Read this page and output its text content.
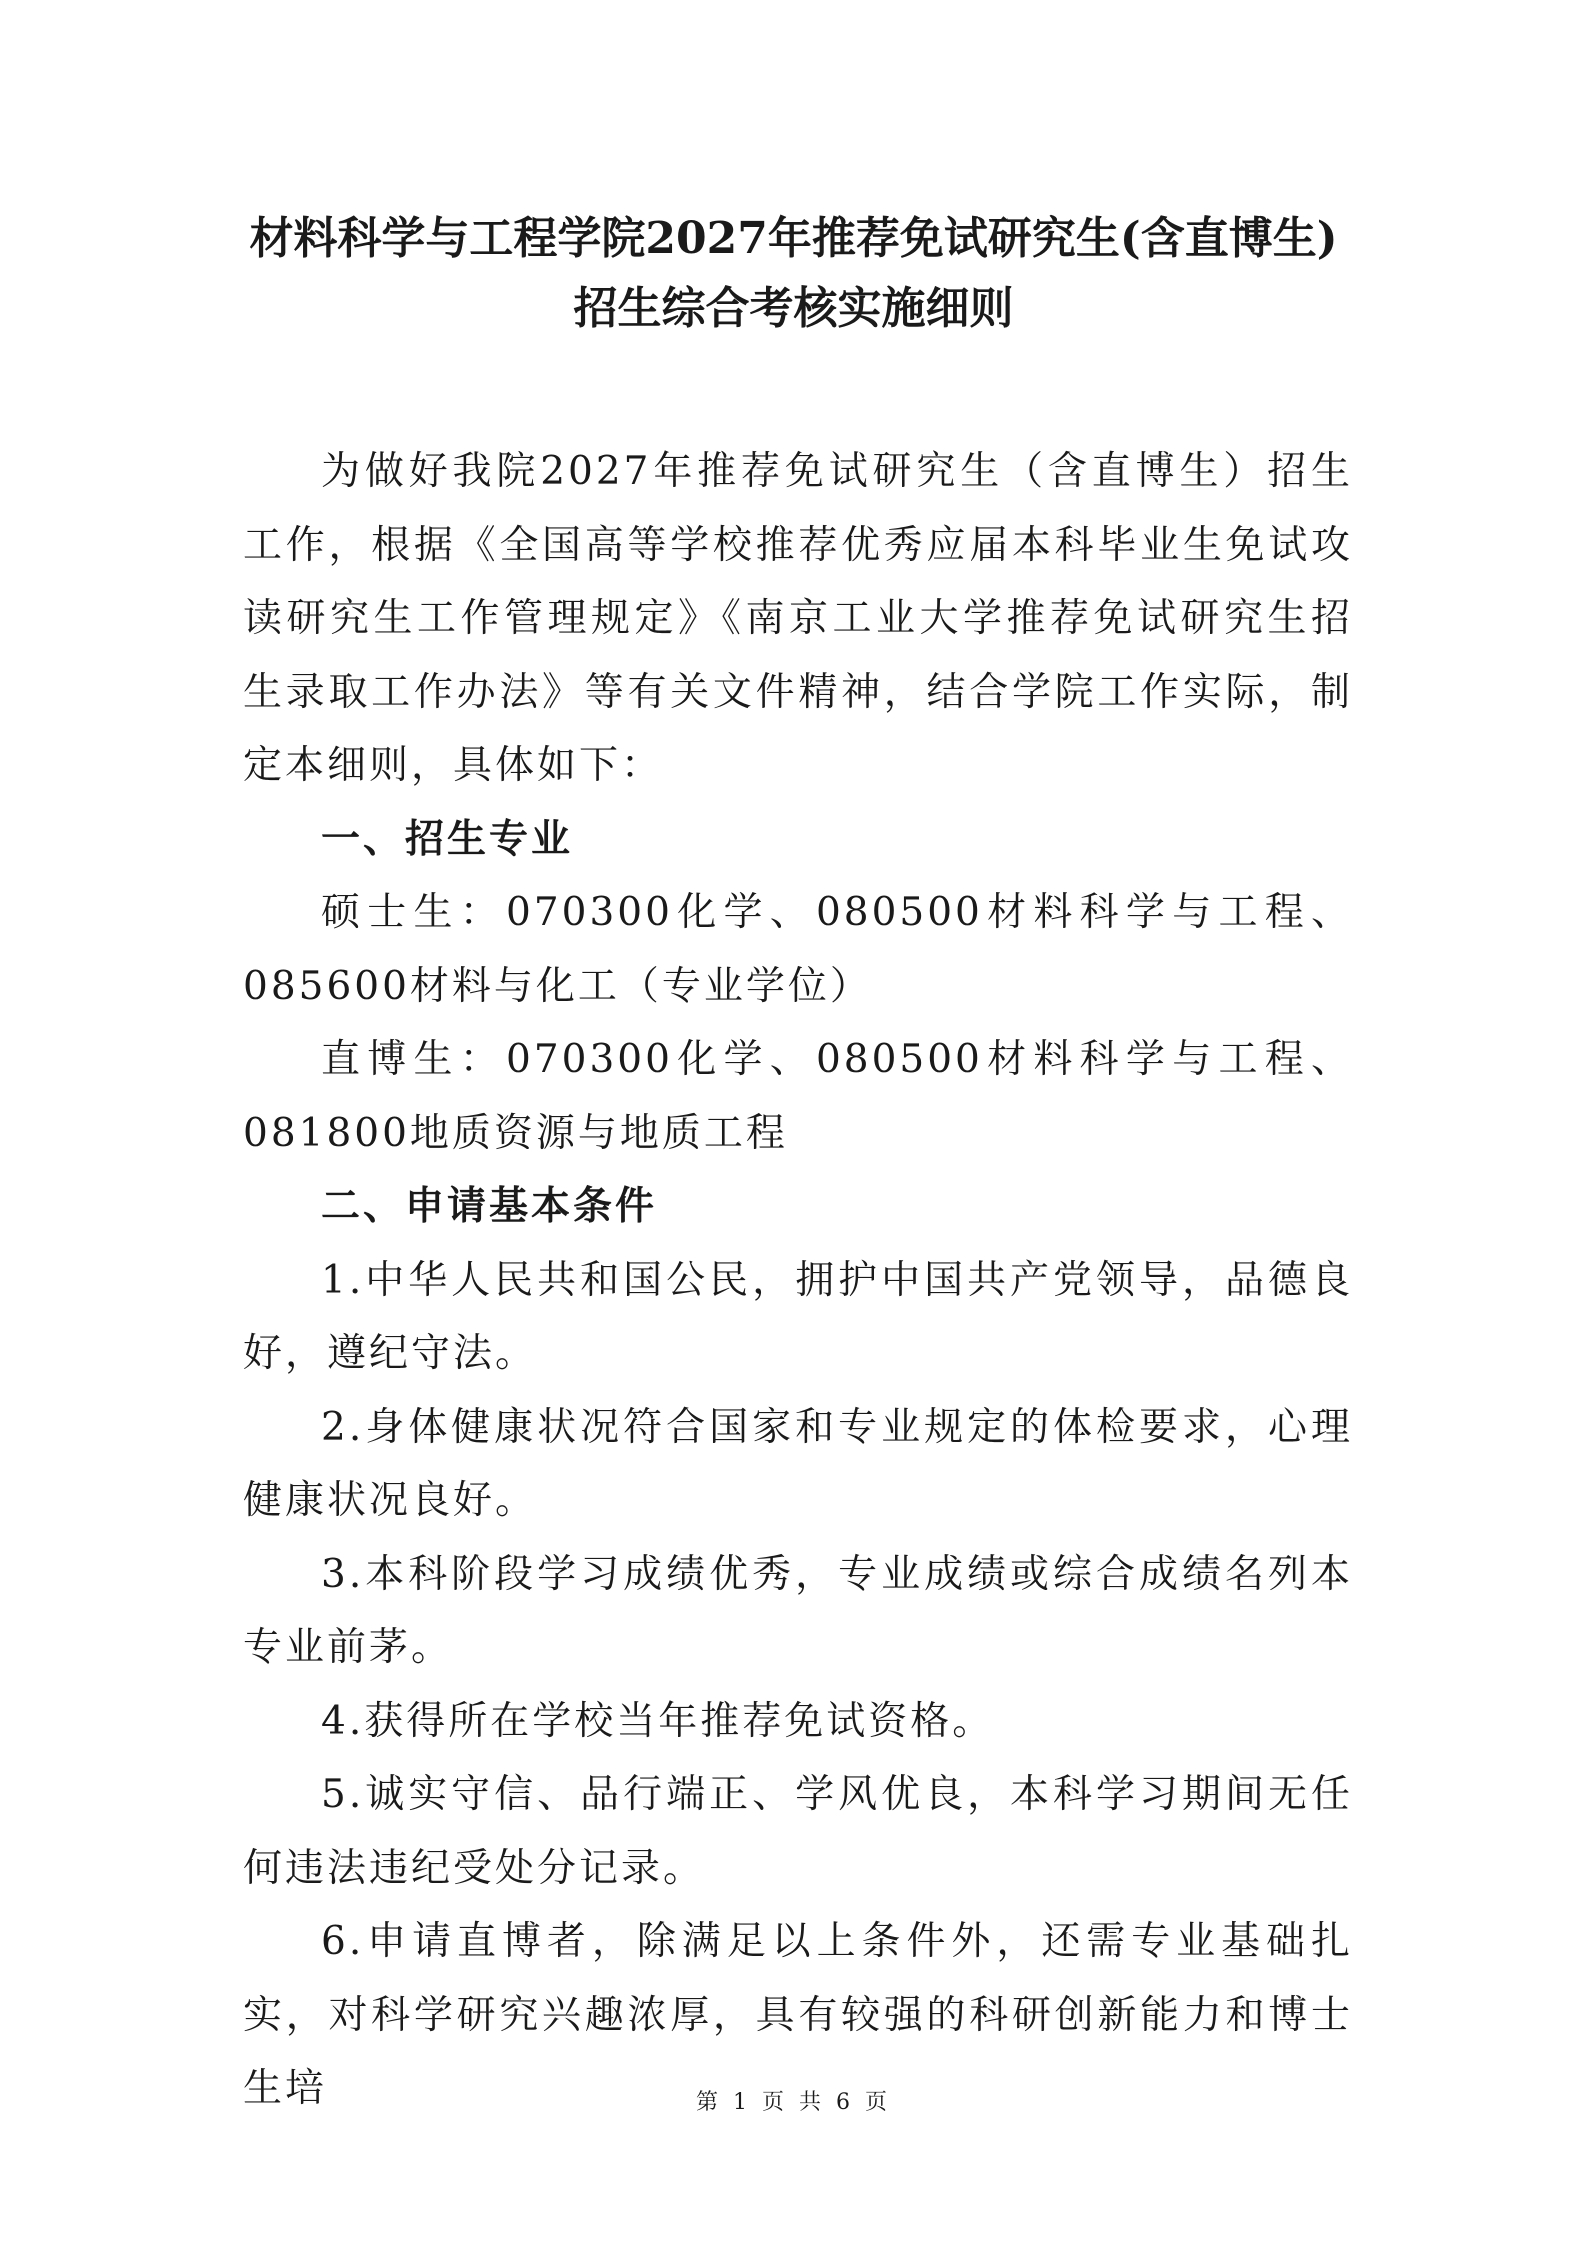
材料科学与工程学院2027年推荐免试研究生(含直博生)
招生综合考核实施细则

为做好我院2027年推荐免试研究生（含直博生）招生工作，根据《全国高等学校推荐优秀应届本科毕业生免试攻读研究生工作管理规定》《南京工业大学推荐免试研究生招生录取工作办法》等有关文件精神，结合学院工作实际，制定本细则，具体如下：

一、招生专业

硕士生：070300化学、080500材料科学与工程、085600材料与化工（专业学位）

直博生：070300化学、080500材料科学与工程、081800地质资源与地质工程

二、申请基本条件

1.中华人民共和国公民，拥护中国共产党领导，品德良好，遵纪守法。

2.身体健康状况符合国家和专业规定的体检要求，心理健康状况良好。

3.本科阶段学习成绩优秀，专业成绩或综合成绩名列本专业前茅。

4.获得所在学校当年推荐免试资格。

5.诚实守信、品行端正、学风优良，本科学习期间无任何违法违纪受处分记录。

6.申请直博者，除满足以上条件外，还需专业基础扎实，对科学研究兴趣浓厚，具有较强的科研创新能力和博士生培	第 1 页 共 6 页
